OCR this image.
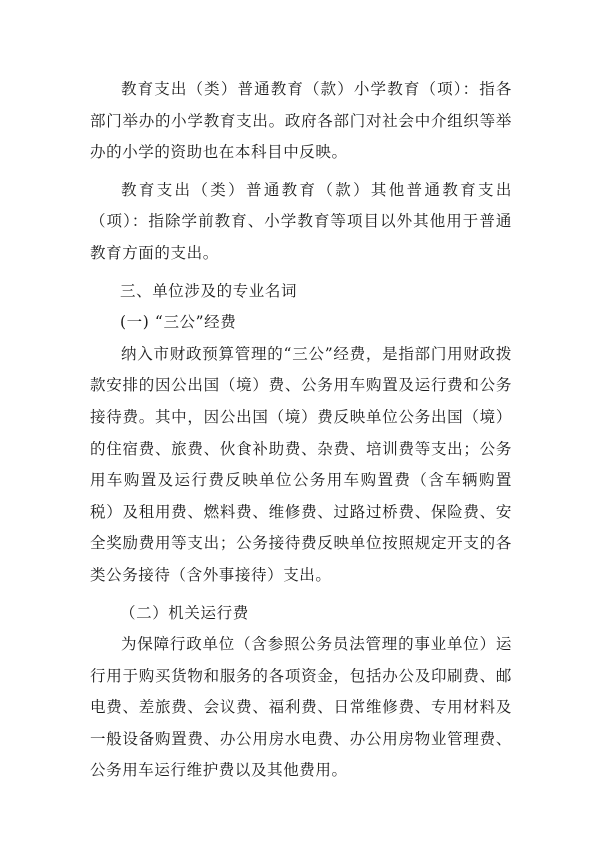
教育支出（类）普通教育（款）小学教育（项）：指各部门举办的小学教育支出。政府各部门对社会中介组织等举办的小学的资助也在本科目中反映。

教育支出（类）普通教育（款）其他普通教育支出（项）：指除学前教育、小学教育等项目以外其他用于普通教育方面的支出。

三、单位涉及的专业名词

(一) “三公”经费

纳入市财政预算管理的“三公”经费，是指部门用财政拨款安排的因公出国（境）费、公务用车购置及运行费和公务接待费。其中，因公出国（境）费反映单位公务出国（境）的住宿费、旅费、伙食补助费、杂费、培训费等支出；公务用车购置及运行费反映单位公务用车购置费（含车辆购置税）及租用费、燃料费、维修费、过路过桥费、保险费、安全奖励费用等支出；公务接待费反映单位按照规定开支的各类公务接待（含外事接待）支出。

（二）机关运行费

为保障行政单位（含参照公务员法管理的事业单位）运行用于购买货物和服务的各项资金，包括办公及印刷费、邮电费、差旅费、会议费、福利费、日常维修费、专用材料及一般设备购置费、办公用房水电费、办公用房物业管理费、公务用车运行维护费以及其他费用。
